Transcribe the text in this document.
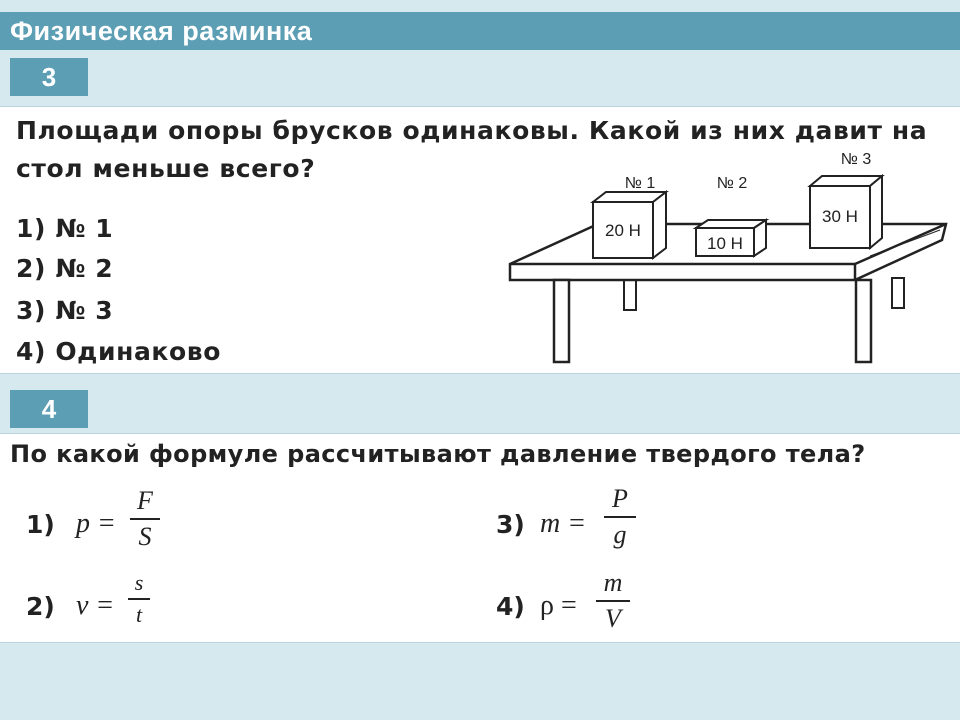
Физическая разминка
3
Площади опоры брусков одинаковы. Какой из них давит на
стол меньше всего?
1) № 1
2) № 2
3) № 3
4) Одинаково
20 Н
№ 1
10 Н
№ 2
30 Н
№ 3
4
По какой формуле рассчитывают давление твердого тела?
1) p =
F
S
2) v =
s
t
3) m =
P
g
4) ρ =
m
V
